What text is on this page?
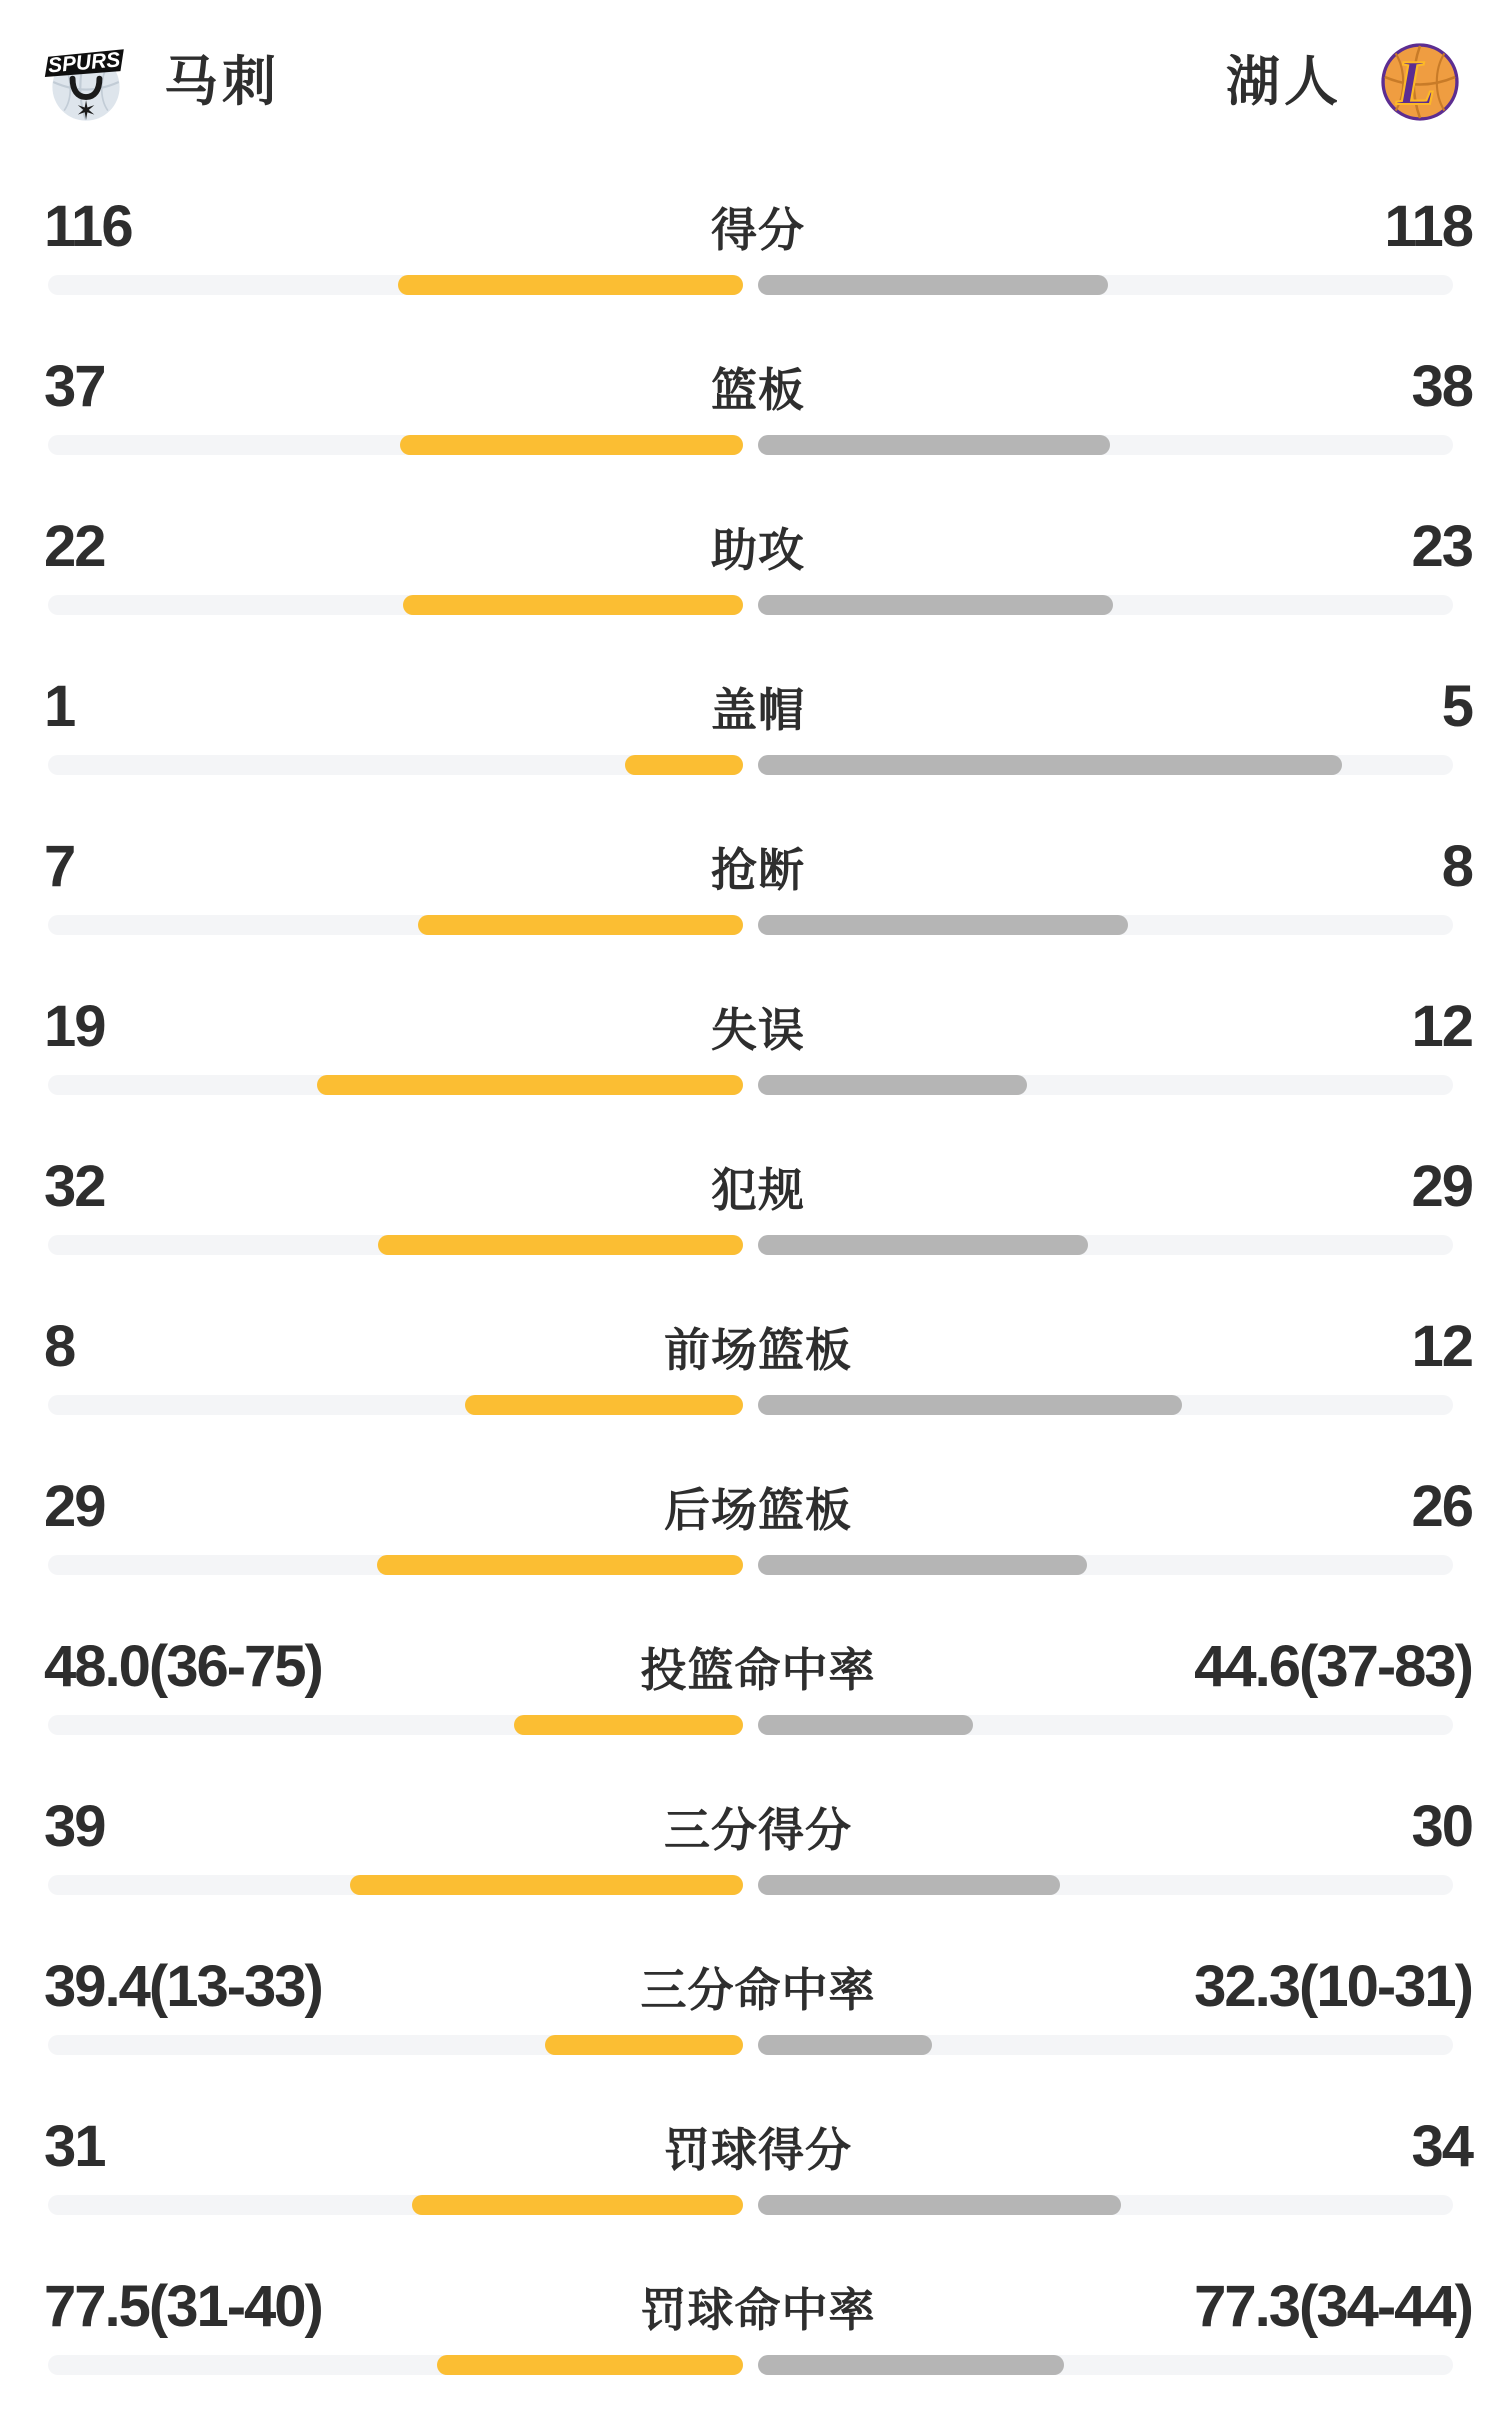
✶
SPURS 马刺	湖人 L
116	得分	118
37	篮板	38
22	助攻	23
1	盖帽	5
7	抢断	8
19	失误	12
32	犯规	29
8	前场篮板	12
29	后场篮板	26
48.0(36-75)	投篮命中率	44.6(37-83)
39	三分得分	30
39.4(13-33)	三分命中率	32.3(10-31)
31	罚球得分	34
77.5(31-40)	罚球命中率	77.3(34-44)
